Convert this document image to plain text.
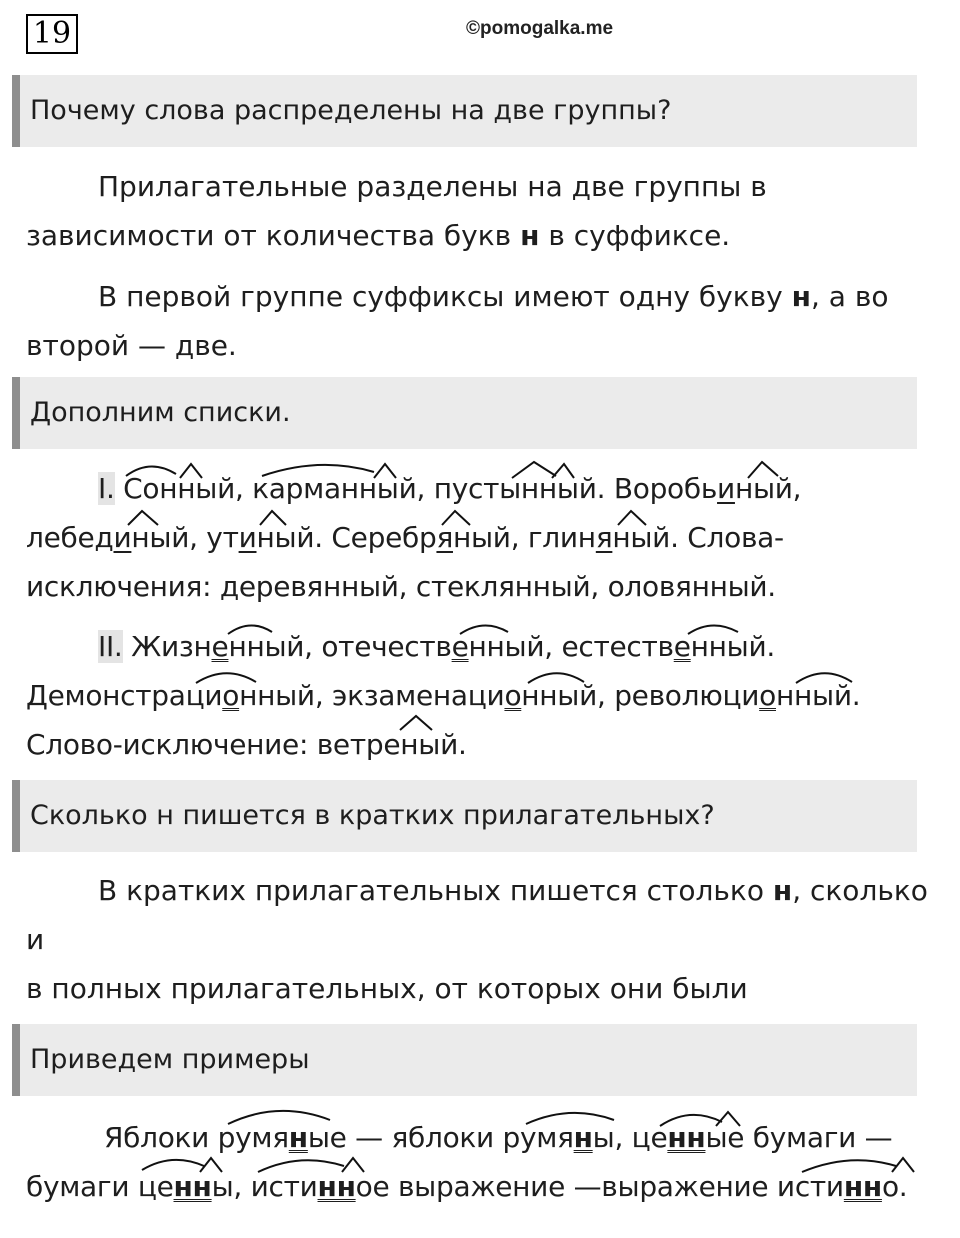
19	©pomogalka.me
Почему слова распределены на две группы?

Прилагательные разделены на две группы в
зависимости от количества букв н в суффиксе.

В первой группе суффиксы имеют одну букву н, а во
второй — две.

Дополним списки.

I. Сонный, карманный, пустынный. Воробьиный,
лебединый, утиный. Серебряный, глиняный. Слова-
исключения: деревянный, стеклянный, оловянный.

II. Жизненный, отечественный, естественный.
Демонстрационный, экзаменационный, революционный.
Слово-исключение: ветреный.

Сколько н пишется в кратких прилагательных?

В кратких прилагательных пишется столько н, сколько и
в полных прилагательных, от которых они были

Приведем примеры

Яблоки румяные — яблоки румяны, ценные бумаги —
бумаги ценны, истинное выражение —выражение истинно.
